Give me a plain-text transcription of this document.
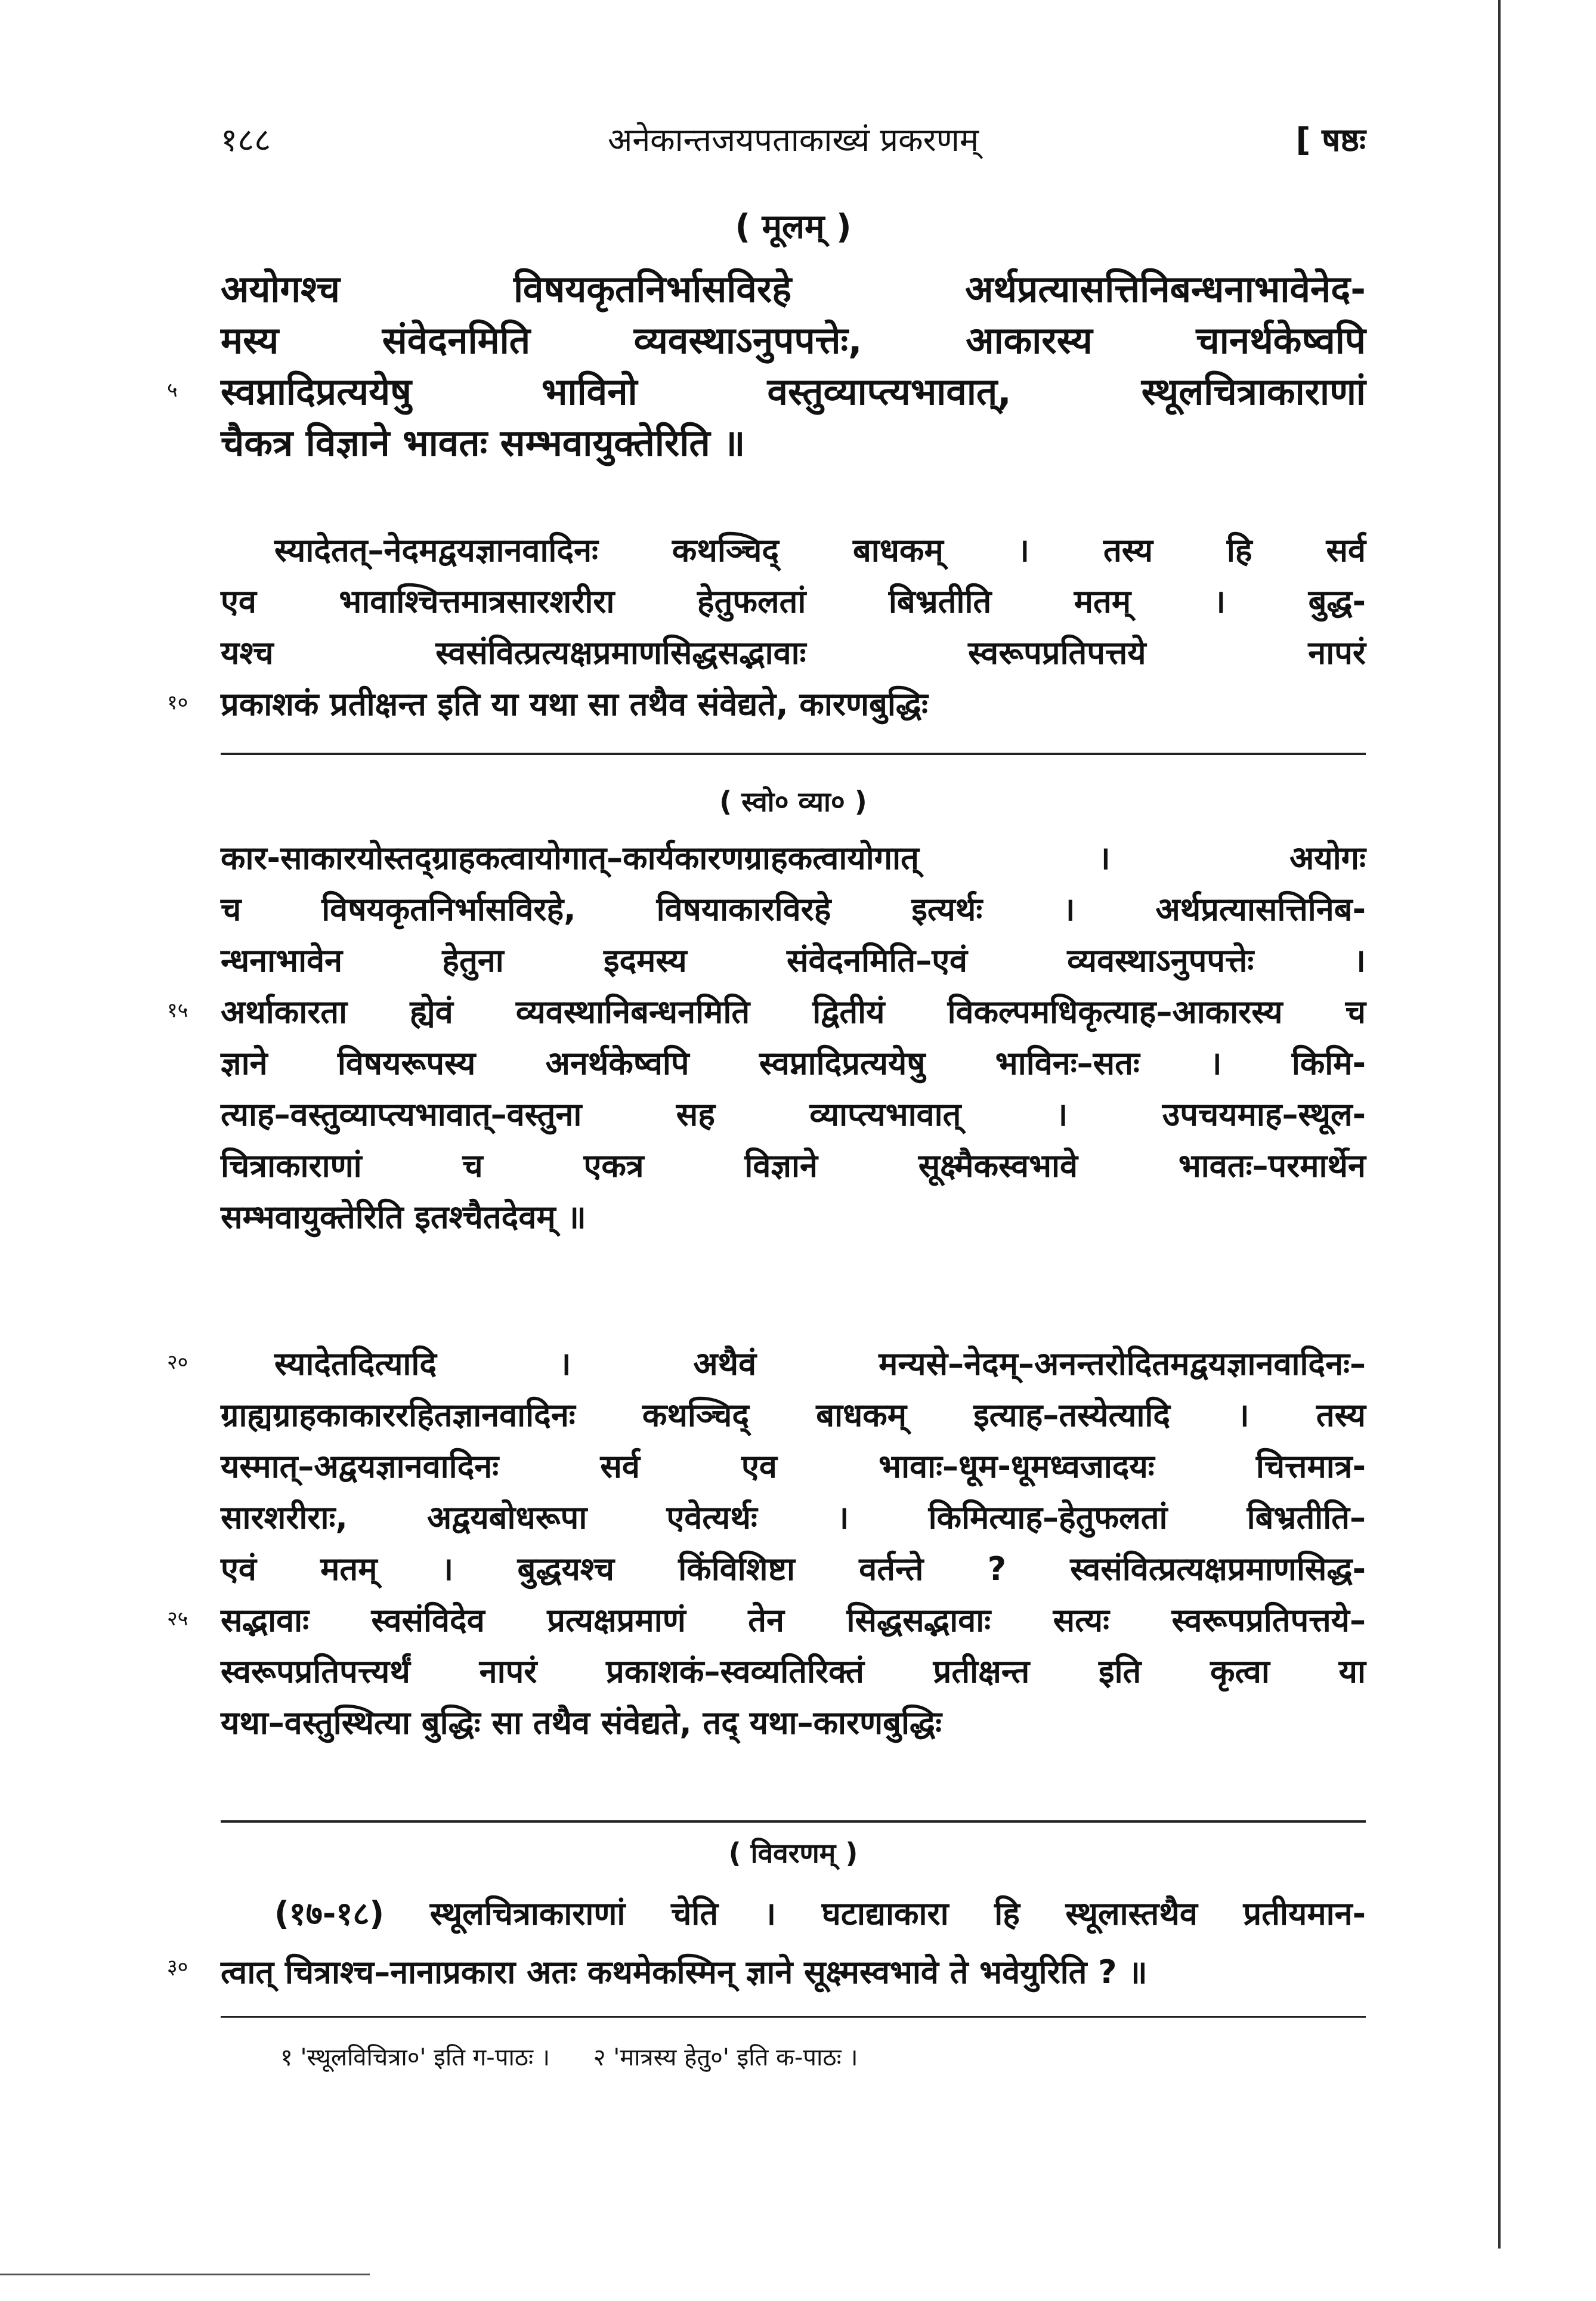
१८८	अनेकान्तजयपताकाख्यं प्रकरणम्	[ षष्ठः
( मूलम् )
अयोगश्च विषयकृतनिर्भासविरहे अर्थप्रत्यासत्तिनिबन्धनाभावेनेद-
मस्य संवेदनमिति व्यवस्थाऽनुपपत्तेः, आकारस्य चानर्थकेष्वपि
५ स्वप्नादिप्रत्ययेषु भाविनो वस्तुव्याप्त्यभावात्, स्थूलचित्राकाराणां
चैकत्र विज्ञाने भावतः सम्भवायुक्तेरिति ॥
स्यादेतत्–नेदमद्वयज्ञानवादिनः कथञ्चिद् बाधकम् । तस्य हि सर्व
एव भावाश्चित्तमात्रसारशरीरा हेतुफलतां बिभ्रतीति मतम् । बुद्ध-
यश्च स्वसंवित्प्रत्यक्षप्रमाणसिद्धसद्भावाः स्वरूपप्रतिपत्तये नापरं
१० प्रकाशकं प्रतीक्षन्त इति या यथा सा तथैव संवेद्यते, कारणबुद्धिः
( स्वो० व्या० )
कार-साकारयोस्तद्ग्राहकत्वायोगात्–कार्यकारणग्राहकत्वायोगात् । अयोगः
च विषयकृतनिर्भासविरहे, विषयाकारविरहे इत्यर्थः । अर्थप्रत्यासत्तिनिब-
न्धनाभावेन हेतुना इदमस्य संवेदनमिति–एवं व्यवस्थाऽनुपपत्तेः ।
१५ अर्थाकारता ह्येवं व्यवस्थानिबन्धनमिति द्वितीयं विकल्पमधिकृत्याह–आकारस्य च
ज्ञाने विषयरूपस्य अनर्थकेष्वपि स्वप्नादिप्रत्ययेषु भाविनः–सतः । किमि-
त्याह–वस्तुव्याप्त्यभावात्–वस्तुना सह व्याप्त्यभावात् । उपचयमाह–स्थूल-
चित्राकाराणां च एकत्र विज्ञाने सूक्ष्मैकस्वभावे भावतः–परमार्थेन
सम्भवायुक्तेरिति इतश्चैतदेवम् ॥
२०	स्यादेतदित्यादि । अथैवं मन्यसे–नेदम्–अनन्तरोदितमद्वयज्ञानवादिनः–
ग्राह्यग्राहकाकाररहितज्ञानवादिनः कथञ्चिद् बाधकम् इत्याह–तस्येत्यादि । तस्य
यस्मात्–अद्वयज्ञानवादिनः सर्व एव भावाः–धूम-धूमध्वजादयः चित्तमात्र-
सारशरीराः, अद्वयबोधरूपा एवेत्यर्थः । किमित्याह–हेतुफलतां बिभ्रतीति–
एवं मतम् । बुद्धयश्च किंविशिष्टा वर्तन्ते ? स्वसंवित्प्रत्यक्षप्रमाणसिद्ध-
२५ सद्भावाः स्वसंविदेव प्रत्यक्षप्रमाणं तेन सिद्धसद्भावाः सत्यः स्वरूपप्रतिपत्तये–
स्वरूपप्रतिपत्त्यर्थं नापरं प्रकाशकं–स्वव्यतिरिक्तं प्रतीक्षन्त इति कृत्वा या
यथा–वस्तुस्थित्या बुद्धिः सा तथैव संवेद्यते, तद् यथा–कारणबुद्धिः
( विवरणम् )
(१७-१८) स्थूलचित्राकाराणां चेति । घटाद्याकारा हि स्थूलास्तथैव प्रतीयमान-
३० त्वात् चित्राश्च–नानाप्रकारा अतः कथमेकस्मिन् ज्ञाने सूक्ष्मस्वभावे ते भवेयुरिति ? ॥
१ 'स्थूलविचित्रा०' इति ग-पाठः । २ 'मात्रस्य हेतु०' इति क-पाठः ।
